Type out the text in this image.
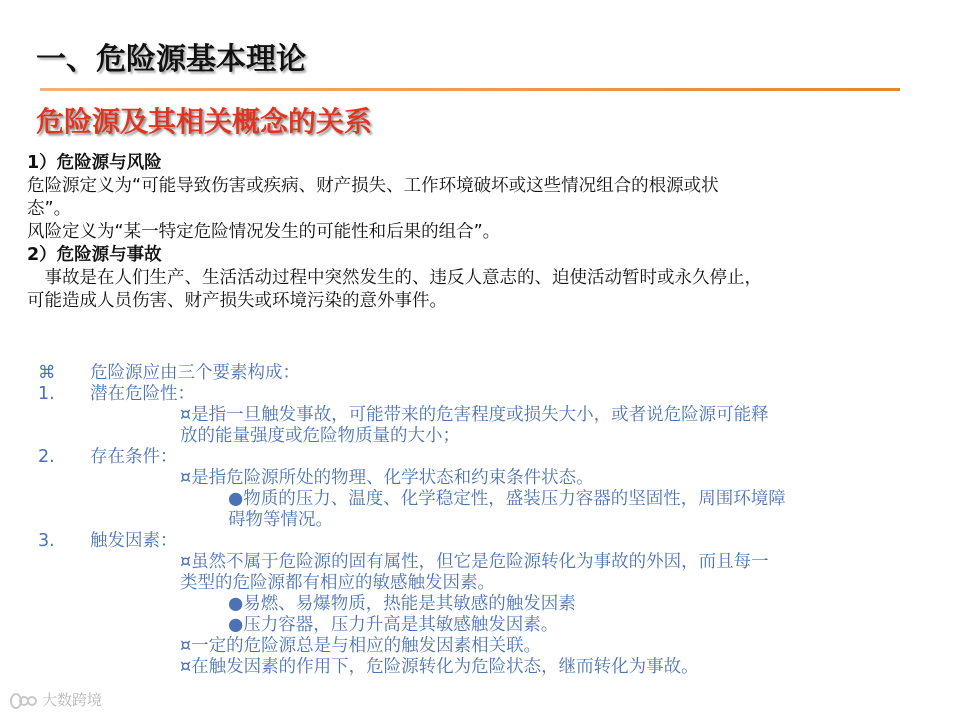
一、危险源基本理论
危险源及其相关概念的关系
1）危险源与风险
危险源定义为“可能导致伤害或疾病、财产损失、工作环境破坏或这些情况组合的根源或状
态”。
风险定义为“某一特定危险情况发生的可能性和后果的组合”。
2）危险源与事故
　事故是在人们生产、生活活动过程中突然发生的、违反人意志的、迫使活动暂时或永久停止，
可能造成人员伤害、财产损失或环境污染的意外事件。
⌘ 危险源应由三个要素构成：
1. 潜在危险性：
¤是指一旦触发事故，可能带来的危害程度或损失大小，或者说危险源可能释
放的能量强度或危险物质量的大小；
2. 存在条件：
¤是指危险源所处的物理、化学状态和约束条件状态。
●物质的压力、温度、化学稳定性，盛装压力容器的坚固性，周围环境障
碍物等情况。
3. 触发因素：
¤虽然不属于危险源的固有属性，但它是危险源转化为事故的外因，而且每一
类型的危险源都有相应的敏感触发因素。
●易燃、易爆物质，热能是其敏感的触发因素
●压力容器，压力升高是其敏感触发因素。
¤一定的危险源总是与相应的触发因素相关联。
¤在触发因素的作用下，危险源转化为危险状态，继而转化为事故。
大数跨境
